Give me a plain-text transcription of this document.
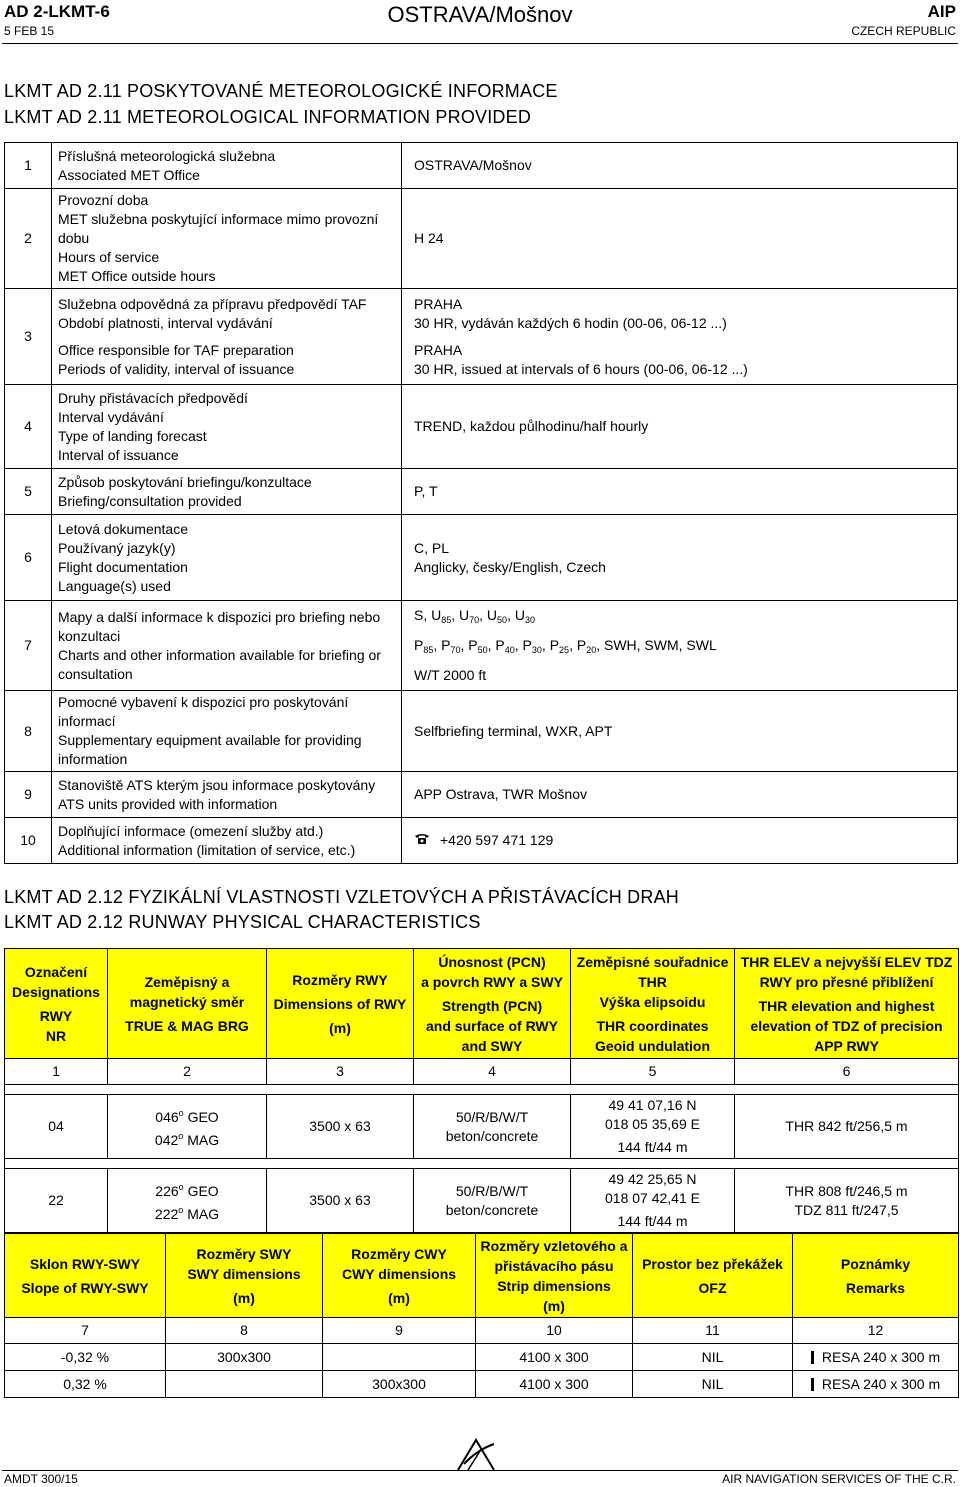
AD 2-LKMT-6
5 FEB 15
OSTRAVA/Mošnov	AIP
CZECH REPUBLIC
LKMT AD 2.11 POSKYTOVANÉ METEOROLOGICKÉ INFORMACE
LKMT AD 2.11 METEOROLOGICAL INFORMATION PROVIDED
1	Příslušná meteorologická služebna
Associated MET Office	OSTRAVA/Mošnov

2	Provozní doba
MET služebna poskytující informace mimo provozní
dobu
Hours of service
MET Office outside hours	H 24

3	Služebna odpovědná za přípravu předpovědí TAF
Období platnosti, interval vydávání
Office responsible for TAF preparation
Periods of validity, interval of issuance	PRAHA
30 HR, vydáván každých 6 hodin (00-06, 06-12 ...)
PRAHA
30 HR, issued at intervals of 6 hours (00-06, 06-12 ...)

4	Druhy přistávacích předpovědí
Interval vydávání
Type of landing forecast
Interval of issuance	TREND, každou půlhodinu/half hourly

5	Způsob poskytování briefingu/konzultace
Briefing/consultation provided	P, T

6	Letová dokumentace
Používaný jazyk(y)
Flight documentation
Language(s) used	C, PL
Anglicky, česky/English, Czech

7	Mapy a další informace k dispozici pro briefing nebo
konzultaci
Charts and other information available for briefing or
consultation	S, $U_{85}$, $U_{70}$, $U_{50}$, $U_{30}$
$P_{85}$, $P_{70}$, $P_{50}$, $P_{40}$, $P_{30}$, $P_{25}$, $P_{20}$, SWH, SWM, SWL
W/T 2000 ft

8	Pomocné vybavení k dispozici pro poskytování informací
Supplementary equipment available for providing
information	Selfbriefing terminal, WXR, APT

9	Stanoviště ATS kterým jsou informace poskytovány
ATS units provided with information	APP Ostrava, TWR Mošnov

10	Doplňující informace (omezení služby atd.)
Additional information (limitation of service, etc.)	+420 597 471 129
LKMT AD 2.12 FYZIKÁLNÍ VLASTNOSTI VZLETOVÝCH A PŘISTÁVACÍCH DRAH
LKMT AD 2.12 RUNWAY PHYSICAL CHARACTERISTICS
Označení
Designations
RWY
NR	Zeměpisný a
magnetický směr
TRUE & MAG BRG	Rozměry RWY
Dimensions of RWY
(m)	Únosnost (PCN)
a povrch RWY a SWY
Strength (PCN)
and surface of RWY
and SWY	Zeměpisné souřadnice
THR
Výška elipsoidu
THR coordinates
Geoid undulation	THR ELEV a nejvyšší ELEV TDZ
RWY pro přesné přiblížení
THR elevation and highest
elevation of TDZ of precision
APP RWY

1	2	3	4	5	6

04	046$^o$ GEO
042$^o$ MAG	3500 x 63	50/R/B/W/T
beton/concrete	49 41 07,16 N
018 05 35,69 E
144 ft/44 m	THR 842 ft/256,5 m

22	226$^o$ GEO
222$^o$ MAG	3500 x 63	50/R/B/W/T
beton/concrete	49 42 25,65 N
018 07 42,41 E
144 ft/44 m	THR 808 ft/246,5 m
TDZ 811 ft/247,5
Sklon RWY-SWY
Slope of RWY-SWY	Rozměry SWY
SWY dimensions
(m)	Rozměry CWY
CWY dimensions
(m)	Rozměry vzletového a
přistávacího pásu
Strip dimensions
(m)	Prostor bez překážek
OFZ	Poznámky
Remarks

7	8	9	10	11	12
-0,32 %	300x300		4100 x 300	NIL	RESA 240 x 300 m
0,32 %		300x300	4100 x 300	NIL	RESA 240 x 300 m
AMDT 300/15	AIR NAVIGATION SERVICES OF THE C.R.
